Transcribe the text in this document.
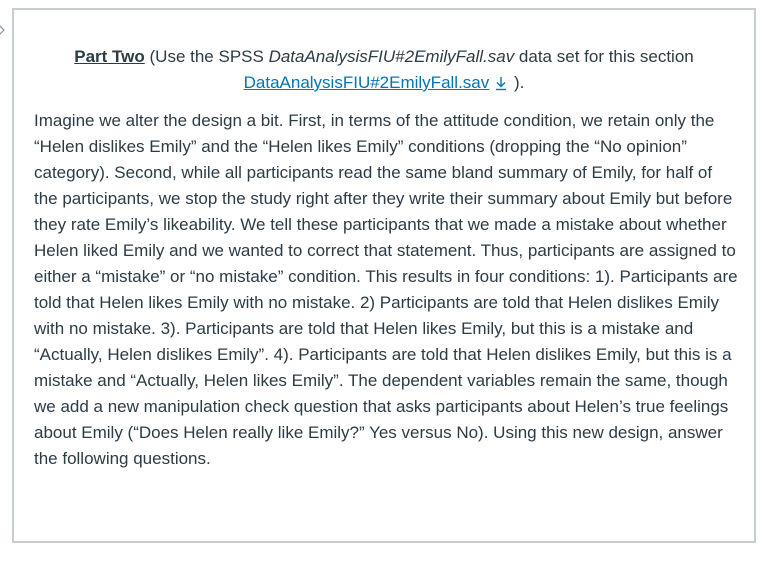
Part Two (Use the SPSS DataAnalysisFIU#2EmilyFall.sav data set for this section
DataAnalysisFIU#2EmilyFall.sav ).

Imagine we alter the design a bit. First, in terms of the attitude condition, we retain only the “Helen dislikes Emily” and the “Helen likes Emily” conditions (dropping the “No opinion” category). Second, while all participants read the same bland summary of Emily, for half of the participants, we stop the study right after they write their summary about Emily but before they rate Emily’s likeability. We tell these participants that we made a mistake about whether Helen liked Emily and we wanted to correct that statement. Thus, participants are assigned to either a “mistake” or “no mistake” condition. This results in four conditions: 1). Participants are told that Helen likes Emily with no mistake. 2) Participants are told that Helen dislikes Emily with no mistake. 3). Participants are told that Helen likes Emily, but this is a mistake and “Actually, Helen dislikes Emily”. 4). Participants are told that Helen dislikes Emily, but this is a mistake and “Actually, Helen likes Emily”. The dependent variables remain the same, though we add a new manipulation check question that asks participants about Helen’s true feelings about Emily (“Does Helen really like Emily?” Yes versus No). Using this new design, answer the following questions.
